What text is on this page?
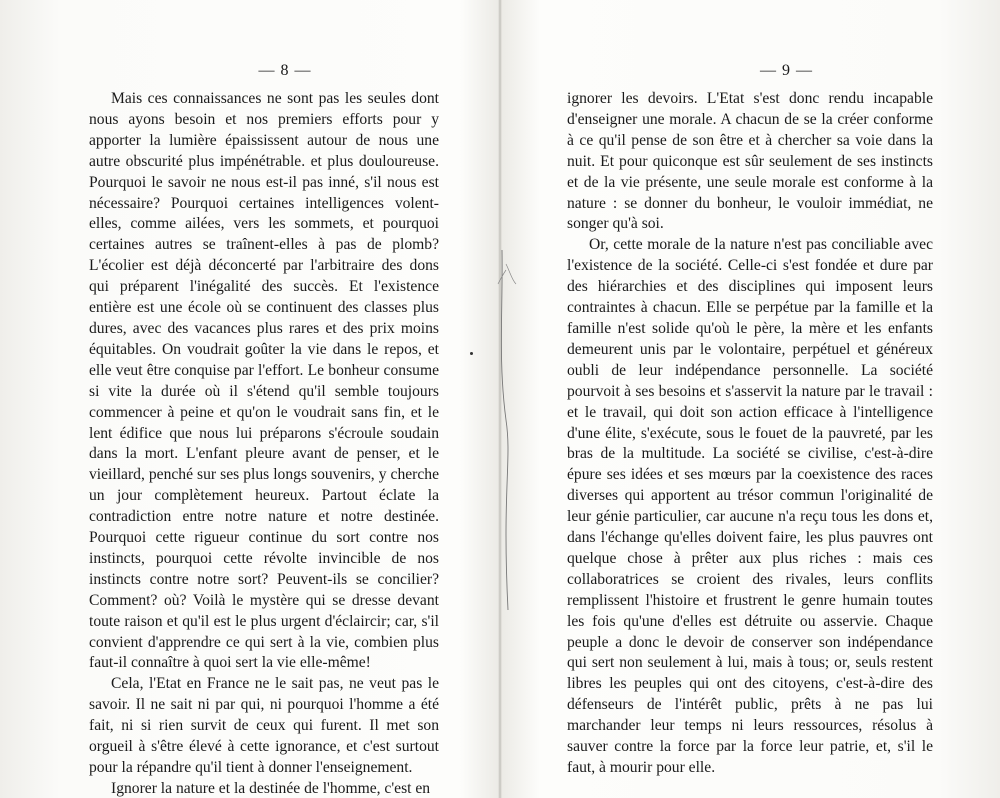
— 8 —

Mais ces connaissances ne sont pas les seules dont nous ayons besoin et nos premiers efforts pour y apporter la lumière épaississent autour de nous une autre obscurité plus impénétrable. et plus douloureuse. Pourquoi le savoir ne nous est-il pas inné, s'il nous est nécessaire? Pourquoi certaines intelligences volent-elles, comme ailées, vers les sommets, et pourquoi certaines autres se traînent-elles à pas de plomb? L'écolier est déjà déconcerté par l'arbitraire des dons qui préparent l'inégalité des succès. Et l'existence entière est une école où se continuent des classes plus dures, avec des vacances plus rares et des prix moins équitables. On voudrait goûter la vie dans le repos, et elle veut être conquise par l'effort. Le bonheur consume si vite la durée où il s'étend qu'il semble toujours commencer à peine et qu'on le voudrait sans fin, et le lent édifice que nous lui préparons s'écroule soudain dans la mort. L'enfant pleure avant de penser, et le vieillard, penché sur ses plus longs souvenirs, y cherche un jour complètement heureux. Partout éclate la contradiction entre notre nature et notre destinée. Pourquoi cette rigueur continue du sort contre nos instincts, pourquoi cette révolte invincible de nos instincts contre notre sort? Peuvent-ils se concilier? Comment? où? Voilà le mystère qui se dresse devant toute raison et qu'il est le plus urgent d'éclaircir; car, s'il convient d'apprendre ce qui sert à la vie, combien plus faut-il connaître à quoi sert la vie elle-même!

Cela, l'Etat en France ne le sait pas, ne veut pas le savoir. Il ne sait ni par qui, ni pourquoi l'homme a été fait, ni si rien survit de ceux qui furent. Il met son orgueil à s'être élevé à cette ignorance, et c'est surtout pour la répandre qu'il tient à donner l'enseignement.

Ignorer la nature et la destinée de l'homme, c'est en

— 9 —

ignorer les devoirs. L'Etat s'est donc rendu incapable d'enseigner une morale. A chacun de se la créer conforme à ce qu'il pense de son être et à chercher sa voie dans la nuit. Et pour quiconque est sûr seulement de ses instincts et de la vie présente, une seule morale est conforme à la nature : se donner du bonheur, le vouloir immédiat, ne songer qu'à soi.

Or, cette morale de la nature n'est pas conciliable avec l'existence de la société. Celle-ci s'est fondée et dure par des hiérarchies et des disciplines qui imposent leurs contraintes à chacun. Elle se perpétue par la famille et la famille n'est solide qu'où le père, la mère et les enfants demeurent unis par le volontaire, perpétuel et généreux oubli de leur indépendance personnelle. La société pourvoit à ses besoins et s'asservit la nature par le travail : et le travail, qui doit son action efficace à l'intelligence d'une élite, s'exécute, sous le fouet de la pauvreté, par les bras de la multitude. La société se civilise, c'est-à-dire épure ses idées et ses mœurs par la coexistence des races diverses qui apportent au trésor commun l'originalité de leur génie particulier, car aucune n'a reçu tous les dons et, dans l'échange qu'elles doivent faire, les plus pauvres ont quelque chose à prêter aux plus riches : mais ces collaboratrices se croient des rivales, leurs conflits remplissent l'histoire et frustrent le genre humain toutes les fois qu'une d'elles est détruite ou asservie. Chaque peuple a donc le devoir de conserver son indépendance qui sert non seulement à lui, mais à tous; or, seuls restent libres les peuples qui ont des citoyens, c'est-à-dire des défenseurs de l'intérêt public, prêts à ne pas lui marchander leur temps ni leurs ressources, résolus à sauver contre la force par la force leur patrie, et, s'il le faut, à mourir pour elle.
